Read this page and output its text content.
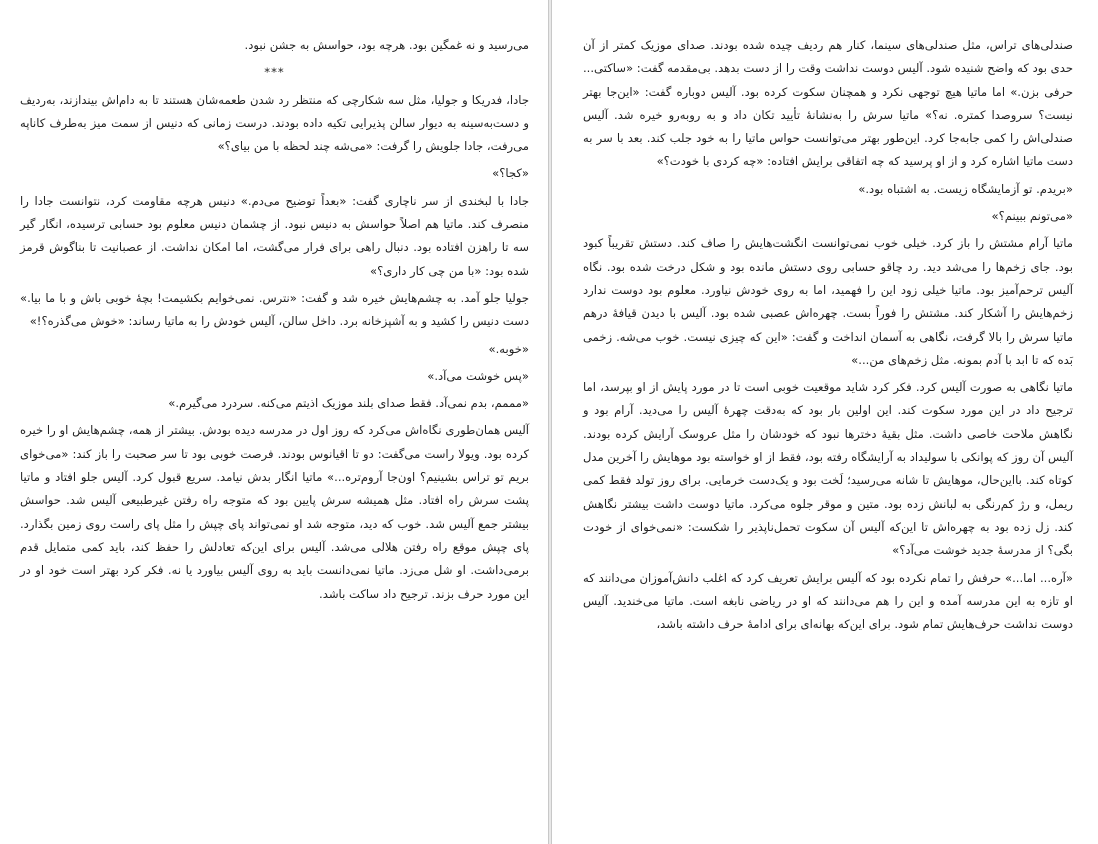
می‌رسید و نه غمگین بود. هرچه بود، حواسش به جشن نبود.

***

جادا، فدریکا و جولیا، مثل سه شکارچی که منتظر رد شدن طعمه‌شان هستند تا به دام‌اش بیندازند، به‌ردیف و دست‌به‌سینه به دیوار سالن پذیرایی تکیه داده بودند. درست زمانی که دنیس از سمت میز به‌طرف کاناپه می‌رفت، جادا جلویش را گرفت: «می‌شه چند لحظه با من بیای؟»

«کجا؟»

جادا با لبخندی از سر ناچاری گفت: «بعداً توضیح می‌دم.» دنیس هرچه مقاومت کرد، نتوانست جادا را منصرف کند. ماتیا هم اصلاً حواسش به دنیس نبود. از چشمان دنیس معلوم بود حسابی ترسیده، انگار گیر سه تا راهزن افتاده بود. دنبال راهی برای فرار می‌گشت، اما امکان نداشت. از عصبانیت تا بناگوش قرمز شده بود: «با من چی کار داری؟»

جولیا جلو آمد. به چشم‌هایش خیره شد و گفت: «نترس. نمی‌خوایم بکشیمت! بچهٔ خوبی باش و با ما بیا.» دست دنیس را کشید و به آشپزخانه برد. داخل سالن، آلیس خودش را به ماتیا رساند: «خوش می‌گذره؟!»

«خوبه.»

«پس خوشت می‌آد.»

«مممم، بدم نمی‌آد. فقط صدای بلند موزیک اذیتم می‌کنه. سردرد می‌گیرم.»

آلیس همان‌طوری نگاه‌اش می‌کرد که روز اول در مدرسه دیده بودش. بیشتر از همه، چشم‌هایش او را خیره کرده بود. ویولا راست می‌گفت: دو تا اقیانوس بودند. فرصت خوبی بود تا سر صحبت را باز کند: «می‌خوای بریم تو تراس بشینیم؟ اون‌جا آروم‌تره...» ماتیا انگار بدش نیامد. سریع قبول کرد. آلیس جلو افتاد و ماتیا پشت سرش راه افتاد. مثل همیشه سرش پایین بود که متوجه راه رفتن غیرطبیعی آلیس شد. حواسش بیشتر جمع آلیس شد. خوب که دید، متوجه شد او نمی‌تواند پای چپش را مثل پای راست روی زمین بگذارد. پای چپش موقع راه رفتن هلالی می‌شد. آلیس برای این‌که تعادلش را حفظ کند، باید کمی متمایل قدم برمی‌داشت. او شل می‌زد. ماتیا نمی‌دانست باید به روی آلیس بیاورد یا نه. فکر کرد بهتر است خود او در این مورد حرف بزند. ترجیح داد ساکت باشد.

صندلی‌های تراس، مثل صندلی‌های سینما، کنار هم ردیف چیده شده بودند. صدای موزیک کمتر از آن حدی بود که واضح شنیده شود. آلیس دوست نداشت وقت را از دست بدهد. بی‌مقدمه گفت: «ساکتی... حرفی بزن.» اما ماتیا هیچ توجهی نکرد و همچنان سکوت کرده بود. آلیس دوباره گفت: «این‌جا بهتر نیست؟ سروصدا کمتره. نه؟» ماتیا سرش را به‌نشانهٔ تأیید تکان داد و به روبه‌رو خیره شد. آلیس صندلی‌اش را کمی جابه‌جا کرد. این‌طور بهتر می‌توانست حواس ماتیا را به خود جلب کند. بعد با سر به دست ماتیا اشاره کرد و از او پرسید که چه اتفاقی برایش افتاده: «چه کردی با خودت؟»

«بریدم. تو آزمایشگاه زیست. به اشتباه بود.»

«می‌تونم ببینم؟»

ماتیا آرام مشتش را باز کرد. خیلی خوب نمی‌توانست انگشت‌هایش را صاف کند. دستش تقریباً کبود بود. جای زخم‌ها را می‌شد دید. رد چاقو حسابی روی دستش مانده بود و شکل درخت شده بود. نگاه آلیس ترحم‌آمیز بود. ماتیا خیلی زود این را فهمید، اما به روی خودش نیاورد. معلوم بود دوست ندارد زخم‌هایش را آشکار کند. مشتش را فوراً بست. چهره‌اش عصبی شده بود. آلیس با دیدن قیافهٔ درهم ماتیا سرش را بالا گرفت، نگاهی به آسمان انداخت و گفت: «این که چیزی نیست. خوب می‌شه. زخمی بَده که تا ابد با آدم بمونه. مثل زخم‌های من...»

ماتیا نگاهی به صورت آلیس کرد. فکر کرد شاید موقعیت خوبی است تا در مورد پایش از او بپرسد، اما ترجیح داد در این مورد سکوت کند. این اولین بار بود که به‌دقت چهرهٔ آلیس را می‌دید. آرام بود و نگاهش ملاحت خاصی داشت. مثل بقیهٔ دخترها نبود که خودشان را مثل عروسک آرایش کرده بودند. آلیس آن روز که پوانکی با سولیداد به آرایشگاه رفته بود، فقط از او خواسته بود موهایش را آخرین مدل کوتاه کند. بااین‌حال، موهایش تا شانه می‌رسید؛ لَخت بود و یک‌دست خرمایی. برای روز تولد فقط کمی ریمل، و رژ کم‌رنگی به لبانش زده بود. متین و موقر جلوه می‌کرد. ماتیا دوست داشت بیشتر نگاهش کند. زل زده بود به چهره‌اش تا این‌که آلیس آن سکوت تحمل‌ناپذیر را شکست: «نمی‌خوای از خودت بگی؟ از مدرسهٔ جدید خوشت می‌آد؟»

«آره... اما...» حرفش را تمام نکرده بود که آلیس برایش تعریف کرد که اغلب دانش‌آموزان می‌دانند که او تازه به این مدرسه آمده و این را هم می‌دانند که او در ریاضی نابغه است. ماتیا می‌خندید. آلیس دوست نداشت حرف‌هایش تمام شود. برای این‌که بهانه‌ای برای ادامهٔ حرف داشته باشد،
